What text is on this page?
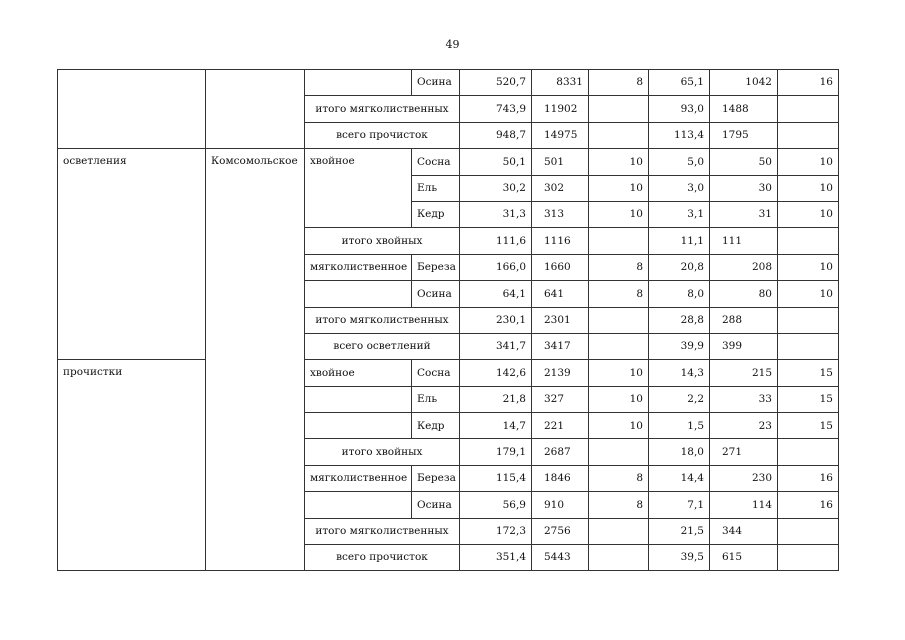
49
			Осина	520,7	8331	8	65,1	1042	16
		итого мягколиственных		743,9	11902		93,0	1488	
		всего прочисток		948,7	14975		113,4	1795	
осветления	Комсомольское	хвойное	Сосна	50,1	501	10	5,0	50	10
			Ель	30,2	302	10	3,0	30	10
			Кедр	31,3	313	10	3,1	31	10
		итого хвойных		111,6	1116		11,1	111	
		мягколиственное	Береза	166,0	1660	8	20,8	208	10
			Осина	64,1	641	8	8,0	80	10
		итого мягколиственных		230,1	2301		28,8	288	
		всего осветлений		341,7	3417		39,9	399	
прочистки		хвойное	Сосна	142,6	2139	10	14,3	215	15
			Ель	21,8	327	10	2,2	33	15
			Кедр	14,7	221	10	1,5	23	15
		итого хвойных		179,1	2687		18,0	271	
		мягколиственное	Береза	115,4	1846	8	14,4	230	16
			Осина	56,9	910	8	7,1	114	16
		итого мягколиственных		172,3	2756		21,5	344	
		всего прочисток		351,4	5443		39,5	615	
